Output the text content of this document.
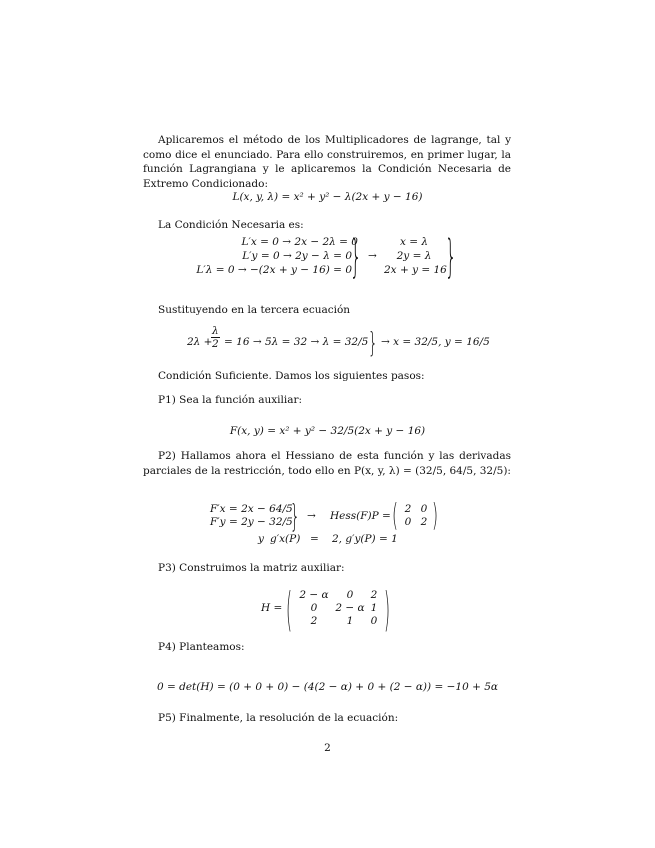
Aplicaremos el método de los Multiplicadores de lagrange, tal y como dice el enunciado. Para ello construiremos, en primer lugar, la función Lagrangiana y le aplicaremos la Condición Necesaria de Extremo Condicionado:
L(x, y, λ) = x² + y² − λ(2x + y − 16)
La Condición Necesaria es:
L′x = 0 → 2x − 2λ = 0
L′y = 0 → 2y − λ = 0
L′λ = 0 → −(2x + y − 16) = 0
} →
x = λ
2y = λ
2x + y = 16
}
Sustituyendo en la tercera ecuación
2λ +
$\frac{\lambda}{2} = 16 \to 5\lambda = 32 \to \lambda = 32/5$ } → x = 32/5, y = 16/5
Condición Suficiente. Damos los siguientes pasos:
P1) Sea la función auxiliar:
F(x, y) = x² + y² − 32/5(2x + y − 16)
P2) Hallamos ahora el Hessiano de esta función y las derivadas parciales de la restricción, todo ello en P(x, y, λ) = (32/5, 64/5, 32/5):
F′x = 2x − 64/5
F′y = 2y − 32/5
} → Hess(F)P = ( 2 0
0 2 )
y g′x(P) = 2, g′y(P) = 1
P3) Construimos la matriz auxiliar:
H = ( 2 − α	0	2
0	2 − α 1
2	1	0 )
P4) Planteamos:
0 = det(H) = (0 + 0 + 0) − (4(2 − α) + 0 + (2 − α)) = −10 + 5α
P5) Finalmente, la resolución de la ecuación:
2
